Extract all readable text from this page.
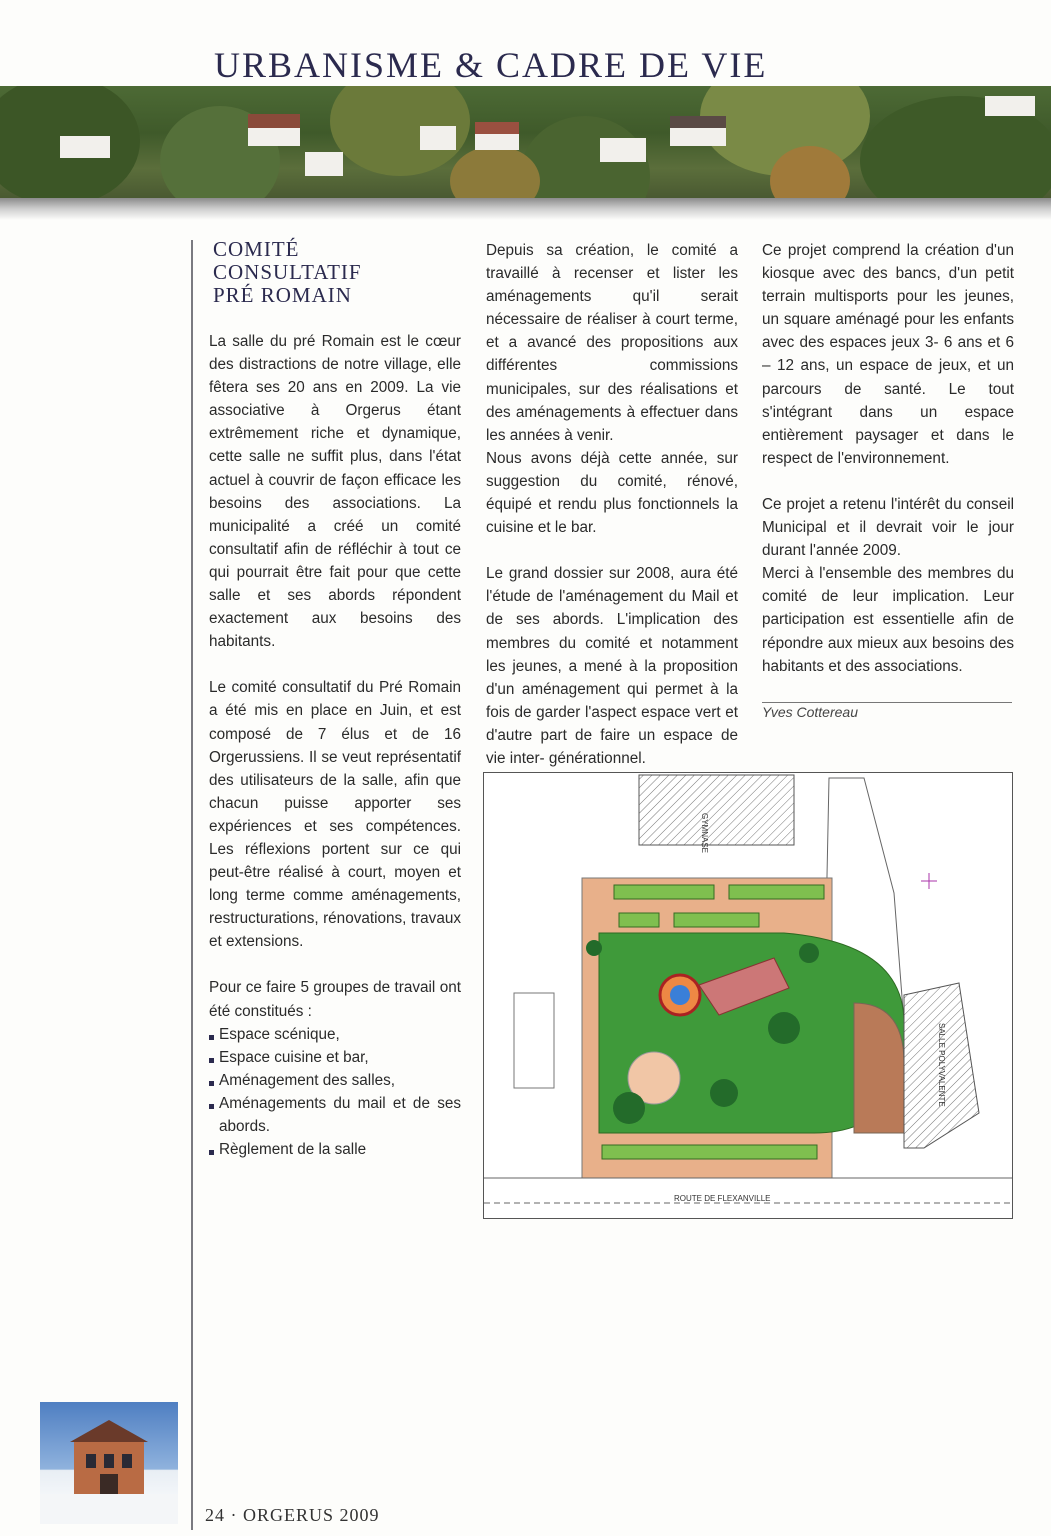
URBANISME & CADRE DE VIE
COMITÉ
CONSULTATIF
PRÉ ROMAIN

La salle du pré Romain est le cœur des distractions de notre village, elle fêtera ses 20 ans en 2009. La vie associative à Orgerus étant extrêmement riche et dynamique, cette salle ne suffit plus, dans l'état actuel à couvrir de façon efficace les besoins des associations. La municipalité a créé un comité consultatif afin de réfléchir à tout ce qui pourrait être fait pour que cette salle et ses abords répondent exactement aux besoins des habitants.

Le comité consultatif du Pré Romain a été mis en place en Juin, et est composé de 7 élus et de 16 Orgerussiens. Il se veut représentatif des utilisateurs de la salle, afin que chacun puisse apporter ses expériences et ses compétences. Les réflexions portent sur ce qui peut-être réalisé à court, moyen et long terme comme aménagements, restructurations, rénovations, travaux et extensions.

Pour ce faire 5 groupes de travail ont été constitués :

Espace scénique,
Espace cuisine et bar,
Aménagement des salles,
Aménagements du mail et de ses abords.
Règlement de la salle

Depuis sa création, le comité a travaillé à recenser et lister les aménagements qu'il serait nécessaire de réaliser à court terme, et a avancé des propositions aux différentes commissions municipales, sur des réalisations et des aménagements à effectuer dans les années à venir.

Nous avons déjà cette année, sur suggestion du comité, rénové, équipé et rendu plus fonctionnels la cuisine et le bar.

Le grand dossier sur 2008, aura été l'étude de l'aménagement du Mail et de ses abords. L'implication des membres du comité et notamment les jeunes, a mené à la proposition d'un aménagement qui permet à la fois de garder l'aspect espace vert et d'autre part de faire un espace de vie inter- générationnel.

Ce projet comprend la création d'un kiosque avec des bancs, d'un petit terrain multisports pour les jeunes, un square aménagé pour les enfants avec des espaces jeux 3- 6 ans et 6 – 12 ans, un espace de jeux, et un parcours de santé. Le tout s'intégrant dans un espace entièrement paysager et dans le respect de l'environnement.

Ce projet a retenu l'intérêt du conseil Municipal et il devrait voir le jour durant l'année 2009.

Merci à l'ensemble des membres du comité de leur implication. Leur participation est essentielle afin de répondre aux mieux aux besoins des habitants et des associations.

Yves Cottereau
GYMNASE
SALLE POLYVALENTE
ROUTE DE FLEXANVILLE
24 · ORGERUS 2009
